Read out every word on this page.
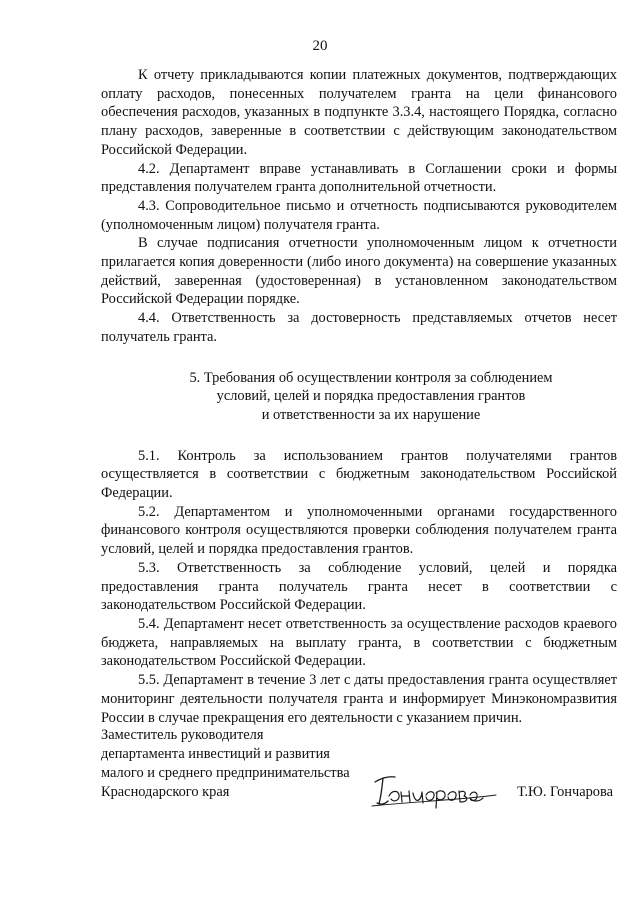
20

К отчету прикладываются копии платежных документов, подтверждающих оплату расходов, понесенных получателем гранта на цели финансового обеспечения расходов, указанных в подпункте 3.3.4, настоящего Порядка, согласно плану расходов, заверенные в соответствии с действующим законодательством Российской Федерации.

4.2. Департамент вправе устанавливать в Соглашении сроки и формы представления получателем гранта дополнительной отчетности.

4.3. Сопроводительное письмо и отчетность подписываются руководителем (уполномоченным лицом) получателя гранта.

В случае подписания отчетности уполномоченным лицом к отчетности прилагается копия доверенности (либо иного документа) на совершение указанных действий, заверенная (удостоверенная) в установленном законодательством Российской Федерации порядке.

4.4. Ответственность за достоверность представляемых отчетов несет получатель гранта.

5. Требования об осуществлении контроля за соблюдением
условий, целей и порядка предоставления грантов
и ответственности за их нарушение

5.1. Контроль за использованием грантов получателями грантов осуществляется в соответствии с бюджетным законодательством Российской Федерации.

5.2. Департаментом и уполномоченными органами государственного финансового контроля осуществляются проверки соблюдения получателем гранта условий, целей и порядка предоставления грантов.

5.3. Ответственность за соблюдение условий, целей и порядка предоставления гранта получатель гранта несет в соответствии с законодательством Российской Федерации.

5.4. Департамент несет ответственность за осуществление расходов краевого бюджета, направляемых на выплату гранта, в соответствии с бюджетным законодательством Российской Федерации.

5.5. Департамент в течение 3 лет с даты предоставления гранта осуществляет мониторинг деятельности получателя гранта и информирует Минэкономразвития России в случае прекращения его деятельности с указанием причин.

Заместитель руководителя
департамента инвестиций и развития
малого и среднего предпринимательства
Краснодарского края	Т.Ю. Гончарова
